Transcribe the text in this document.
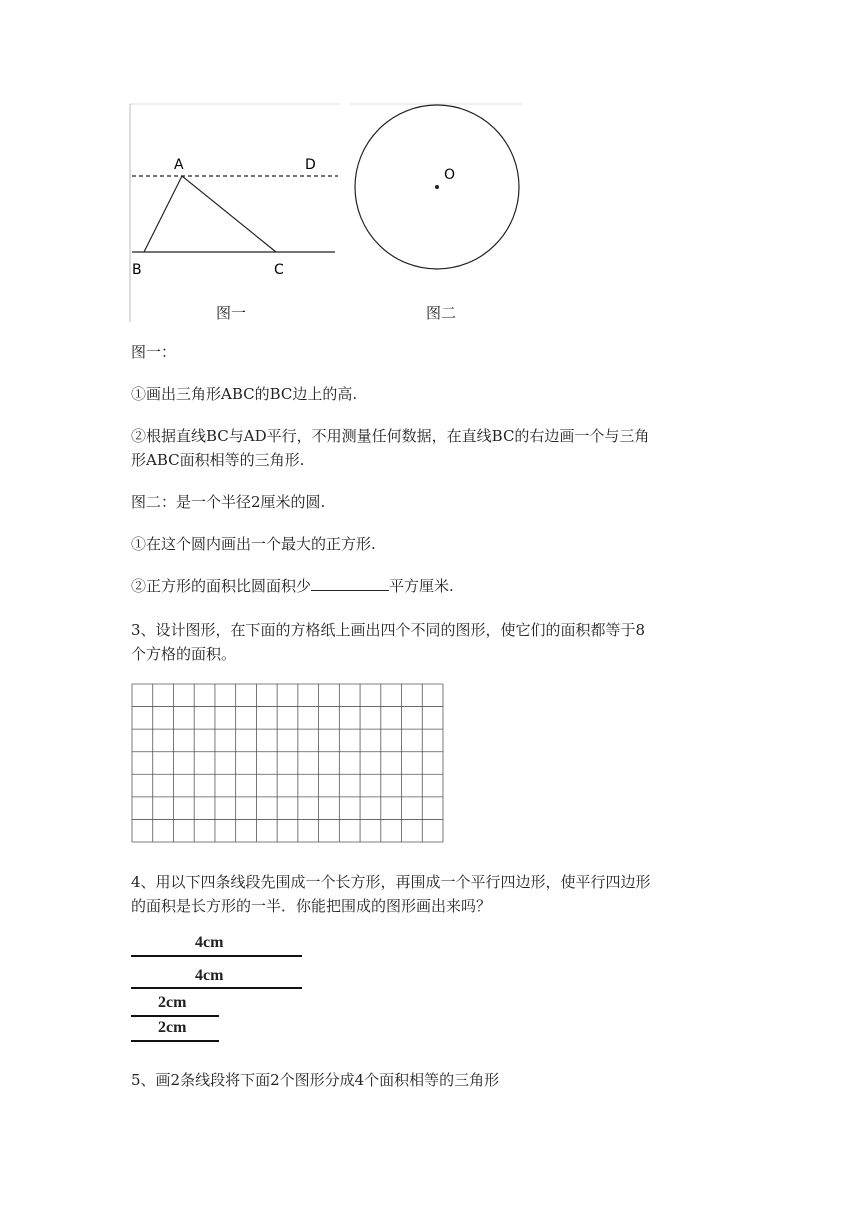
A	D
B	C
图一
O
图二
图一：
①画出三角形ABC的BC边上的高.
②根据直线BC与AD平行，不用测量任何数据，在直线BC的右边画一个与三角
形ABC面积相等的三角形.
图二：是一个半径2厘米的圆.
①在这个圆内画出一个最大的正方形.
②正方形的面积比圆面积少	平方厘米.
3、设计图形，在下面的方格纸上画出四个不同的图形，使它们的面积都等于8
个方格的面积。
4、用以下四条线段先围成一个长方形，再围成一个平行四边形，使平行四边形
的面积是长方形的一半．你能把围成的图形画出来吗？
4cm
4cm
2cm
2cm
5、画2条线段将下面2个图形分成4个面积相等的三角形
